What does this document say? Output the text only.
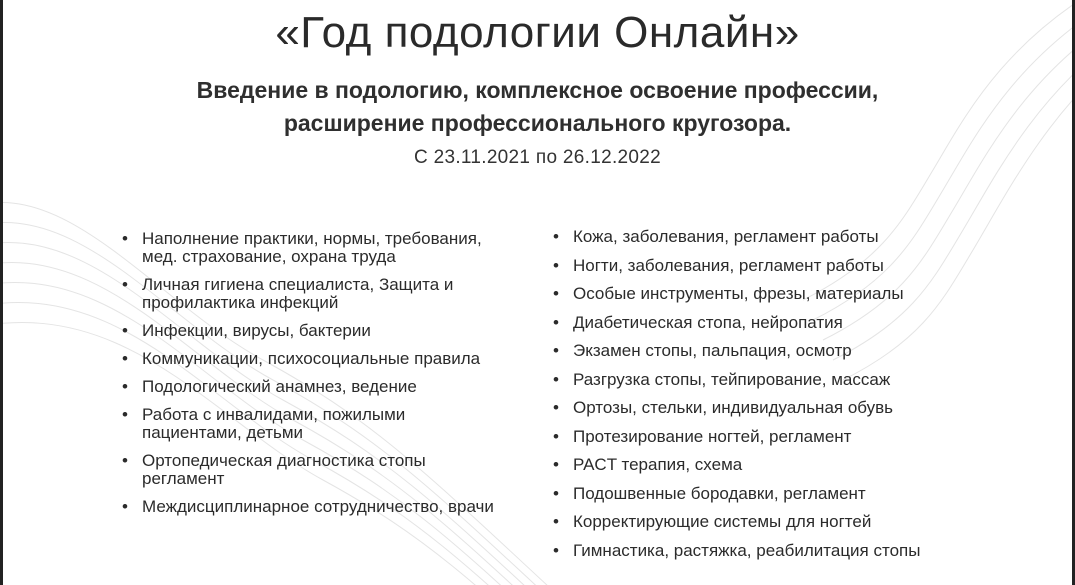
«Год подологии Онлайн»
Введение в подологию, комплексное освоение профессии,
расширение профессионального кругозора.
С 23.11.2021 по 26.12.2022
• Наполнение практики, нормы, требования, мед. страхование, охрана труда
• Личная гигиена специалиста, Защита и профилактика инфекций
• Инфекции, вирусы, бактерии
• Коммуникации, психосоциальные правила
• Подологический анамнез, ведение
• Работа с инвалидами, пожилыми пациентами, детьми
• Ортопедическая диагностика стопы регламент
• Междисциплинарное сотрудничество, врачи
• Кожа, заболевания, регламент работы
• Ногти, заболевания, регламент работы
• Особые инструменты, фрезы, материалы
• Диабетическая стопа, нейропатия
• Экзамен стопы, пальпация, осмотр
• Разгрузка стопы, тейпирование, массаж
• Ортозы, стельки, индивидуальная обувь
• Протезирование ногтей, регламент
• PACT терапия, схема
• Подошвенные бородавки, регламент
• Корректирующие системы для ногтей
• Гимнастика, растяжка, реабилитация стопы
